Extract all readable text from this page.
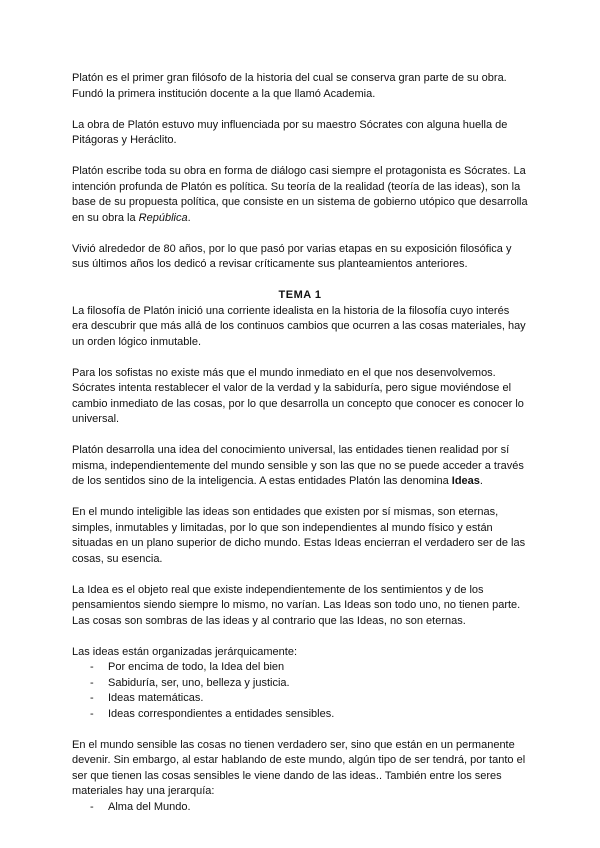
Platón es el primer gran filósofo de la historia del cual se conserva gran parte de su obra. Fundó la primera institución docente a la que llamó Academia.

La obra de Platón estuvo muy influenciada por su maestro Sócrates con alguna huella de Pitágoras y Heráclito.

Platón escribe toda su obra en forma de diálogo casi siempre el protagonista es Sócrates. La intención profunda de Platón es política. Su teoría de la realidad (teoría de las ideas), son la base de su propuesta política, que consiste en un sistema de gobierno utópico que desarrolla en su obra la República.

Vivió alrededor de 80 años, por lo que pasó por varias etapas en su exposición filosófica y sus últimos años los dedicó a revisar críticamente sus planteamientos anteriores.

TEMA 1

La filosofía de Platón inició una corriente idealista en la historia de la filosofía cuyo interés era descubrir que más allá de los continuos cambios que ocurren a las cosas materiales, hay un orden lógico inmutable.

Para los sofistas no existe más que el mundo inmediato en el que nos desenvolvemos. Sócrates intenta restablecer el valor de la verdad y la sabiduría, pero sigue moviéndose el cambio inmediato de las cosas, por lo que desarrolla un concepto que conocer es conocer lo universal.

Platón desarrolla una idea del conocimiento universal, las entidades tienen realidad por sí misma, independientemente del mundo sensible y son las que no se puede acceder a través de los sentidos sino de la inteligencia. A estas entidades Platón las denomina Ideas.

En el mundo inteligible las ideas son entidades que existen por sí mismas, son eternas, simples, inmutables y limitadas, por lo que son independientes al mundo físico y están situadas en un plano superior de dicho mundo. Estas Ideas encierran el verdadero ser de las cosas, su esencia.

La Idea es el objeto real que existe independientemente de los sentimientos y de los pensamientos siendo siempre lo mismo, no varían. Las Ideas son todo uno, no tienen parte. Las cosas son sombras de las ideas y al contrario que las Ideas, no son eternas.

Las ideas están organizadas jerárquicamente:

- Por encima de todo, la Idea del bien
- Sabiduría, ser, uno, belleza y justicia.
- Ideas matemáticas.
- Ideas correspondientes a entidades sensibles.

En el mundo sensible las cosas no tienen verdadero ser, sino que están en un permanente devenir. Sin embargo, al estar hablando de este mundo, algún tipo de ser tendrá, por tanto el ser que tienen las cosas sensibles le viene dando de las ideas.. También entre los seres materiales hay una jerarquía:

- Alma del Mundo.
